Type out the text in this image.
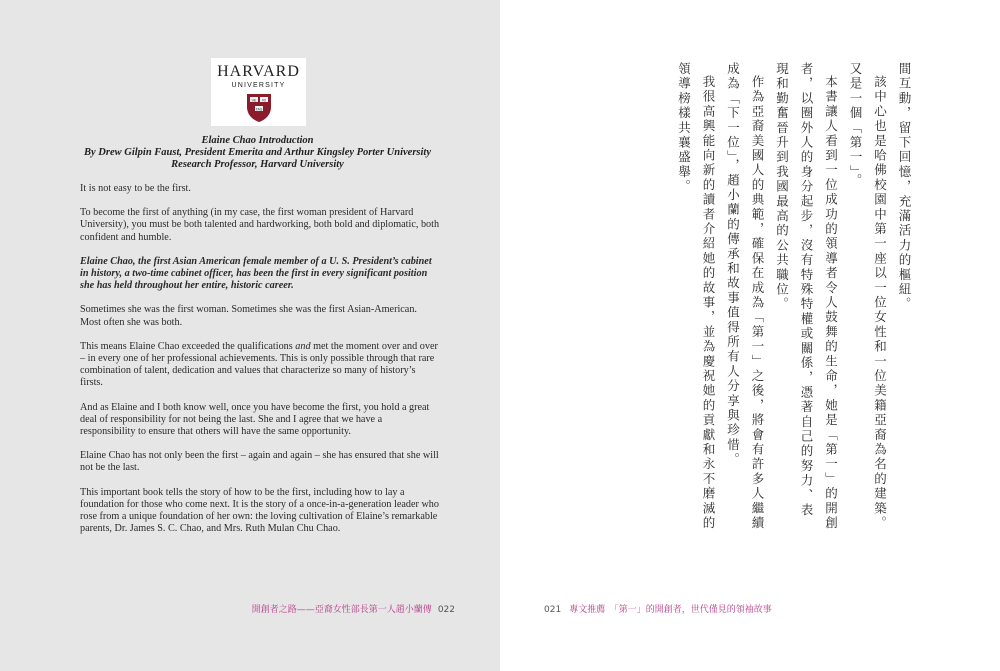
HARVARD
UNIVERSITY
VE RI
TAS
Elaine Chao Introduction
By Drew Gilpin Faust, President Emerita and Arthur Kingsley Porter University
Research Professor, Harvard University

It is not easy to be the first.

To become the first of anything (in my case, the first woman president of Harvard University), you must be both talented and hardworking, both bold and diplomatic, both confident and humble.

Elaine Chao, the first Asian American female member of a U. S. President’s cabinet in history, a two-time cabinet officer, has been the first in every significant position she has held throughout her entire, historic career.

Sometimes she was the first woman. Sometimes she was the first Asian-American. Most often she was both.

This means Elaine Chao exceeded the qualifications and met the moment over and over – in every one of her professional achievements. This is only possible through that rare combination of talent, dedication and values that characterize so many of history’s firsts.

And as Elaine and I both know well, once you have become the first, you hold a great deal of responsibility for not being the last. She and I agree that we have a responsibility to ensure that others will have the same opportunity.

Elaine Chao has not only been the first – again and again – she has ensured that she will not be the last.

This important book tells the story of how to be the first, including how to lay a foundation for those who come next. It is the story of a once-in-a-generation leader who rose from a unique foundation of her own: the loving cultivation of Elaine’s remarkable parents, Dr. James S. C. Chao, and Mrs. Ruth Mulan Chu Chao.

開創者之路——亞裔女性部長第一人趙小蘭傳 022

間互動，留下回憶，充滿活力的樞紐。

該中心也是哈佛校園中第一座以一位女性和一位美籍亞裔為名的建築。又是一個「第一」。

本書讓人看到一位成功的領導者令人鼓舞的生命，她是「第一」的開創者，以圈外人的身分起步，沒有特殊特權或關係，憑著自己的努力、表現和勤奮晉升到我國最高的公共職位。

作為亞裔美國人的典範，確保在成為「第一」之後，將會有許多人繼續成為「下一位」，趙小蘭的傳承和故事值得所有人分享與珍惜。

我很高興能向新的讀者介紹她的故事，並為慶祝她的貢獻和永不磨滅的領導榜樣共襄盛舉。

021 專文推薦　「第一」的開創者，世代僅見的領袖故事
